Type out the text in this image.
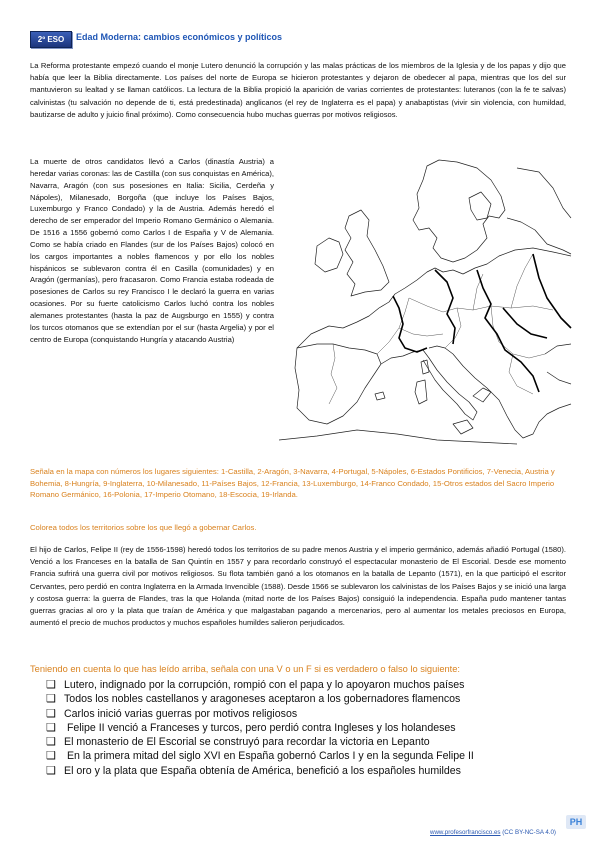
2º ESO	Edad Moderna: cambios económicos y políticos

La Reforma protestante empezó cuando el monje Lutero denunció la corrupción y las malas prácticas de los miembros de la Iglesia y de los papas y dijo que había que leer la Biblia directamente. Los países del norte de Europa se hicieron protestantes y dejaron de obedecer al papa, mientras que los del sur mantuvieron su lealtad y se llaman católicos. La lectura de la Biblia propició la aparición de varias corrientes de protestantes: luteranos (con la fe te salvas) calvinistas (tu salvación no depende de ti, está predestinada) anglicanos (el rey de Inglaterra es el papa) y anabaptistas (vivir sin violencia, con humildad, bautizarse de adulto y juicio final próximo). Como consecuencia hubo muchas guerras por motivos religiosos.

La muerte de otros candidatos llevó a Carlos (dinastía Austria) a heredar varias coronas: las de Castilla (con sus conquistas en América), Navarra, Aragón (con sus posesiones en Italia: Sicilia, Cerdeña y Nápoles), Milanesado, Borgoña (que incluye los Países Bajos, Luxemburgo y Franco Condado) y la de Austria. Además heredó el derecho de ser emperador del Imperio Romano Germánico o Alemania. De 1516 a 1556 gobernó como Carlos I de España y V de Alemania. Como se había criado en Flandes (sur de los Países Bajos) colocó en los cargos importantes a nobles flamencos y por ello los nobles hispánicos se sublevaron contra él en Casilla (comunidades) y en Aragón (germanías), pero fracasaron. Como Francia estaba rodeada de posesiones de Carlos su rey Francisco I le declaró la guerra en varias ocasiones. Por su fuerte catolicismo Carlos luchó contra los nobles alemanes protestantes (hasta la paz de Augsburgo en 1555) y contra los turcos otomanos que se extendían por el sur (hasta Argelia) y por el centro de Europa (conquistando Hungría y atacando Austria)

Señala en la mapa con números los lugares siguientes: 1-Castilla, 2-Aragón, 3-Navarra, 4-Portugal, 5-Nápoles, 6-Estados Pontificios, 7-Venecia, Austria y Bohemia, 8-Hungría, 9-Inglaterra, 10-Milanesado, 11-Países Bajos, 12-Francia, 13-Luxemburgo, 14-Franco Condado, 15-Otros estados del Sacro Imperio Romano Germánico, 16-Polonia, 17-Imperio Otomano, 18-Escocia, 19-Irlanda.
Colorea todos los territorios sobre los que llegó a gobernar Carlos.

El hijo de Carlos, Felipe II (rey de 1556-1598) heredó todos los territorios de su padre menos Austria y el imperio germánico, además añadió Portugal (1580). Venció a los Franceses en la batalla de San Quintín en 1557 y para recordarlo construyó el espectacular monasterio de El Escorial. Desde ese momento Francia sufrirá una guerra civil por motivos religiosos. Su flota también ganó a los otomanos en la batalla de Lepanto (1571), en la que participó el escritor Cervantes, pero perdió en contra Inglaterra en la Armada Invencible (1588). Desde 1566 se sublevaron los calvinistas de los Países Bajos y se inició una larga y costosa guerra: la guerra de Flandes, tras la que Holanda (mitad norte de los Países Bajos) consiguió la independencia. España pudo mantener tantas guerras gracias al oro y la plata que traían de América y que malgastaban pagando a mercenarios, pero al aumentar los metales preciosos en Europa, aumentó el precio de muchos productos y muchos españoles humildes salieron perjudicados.

Teniendo en cuenta lo que has leído arriba, señala con una V o un F si es verdadero o falso lo siguiente:
❑ Lutero, indignado por la corrupción, rompió con el papa y lo apoyaron muchos países
❑ Todos los nobles castellanos y aragoneses aceptaron a los gobernadores flamencos
❑ Carlos inició varias guerras por motivos religiosos
❑ Felipe II venció a Franceses y turcos, pero perdió contra Ingleses y los holandeses
❑ El monasterio de El Escorial se construyó para recordar la victoria en Lepanto
❑ En la primera mitad del siglo XVI en España gobernó Carlos I y en la segunda Felipe II
❑ El oro y la plata que España obtenía de América, benefició a los españoles humildes
www.profesorfrancisco.es (CC BY-NC-SA 4.0)
PH
